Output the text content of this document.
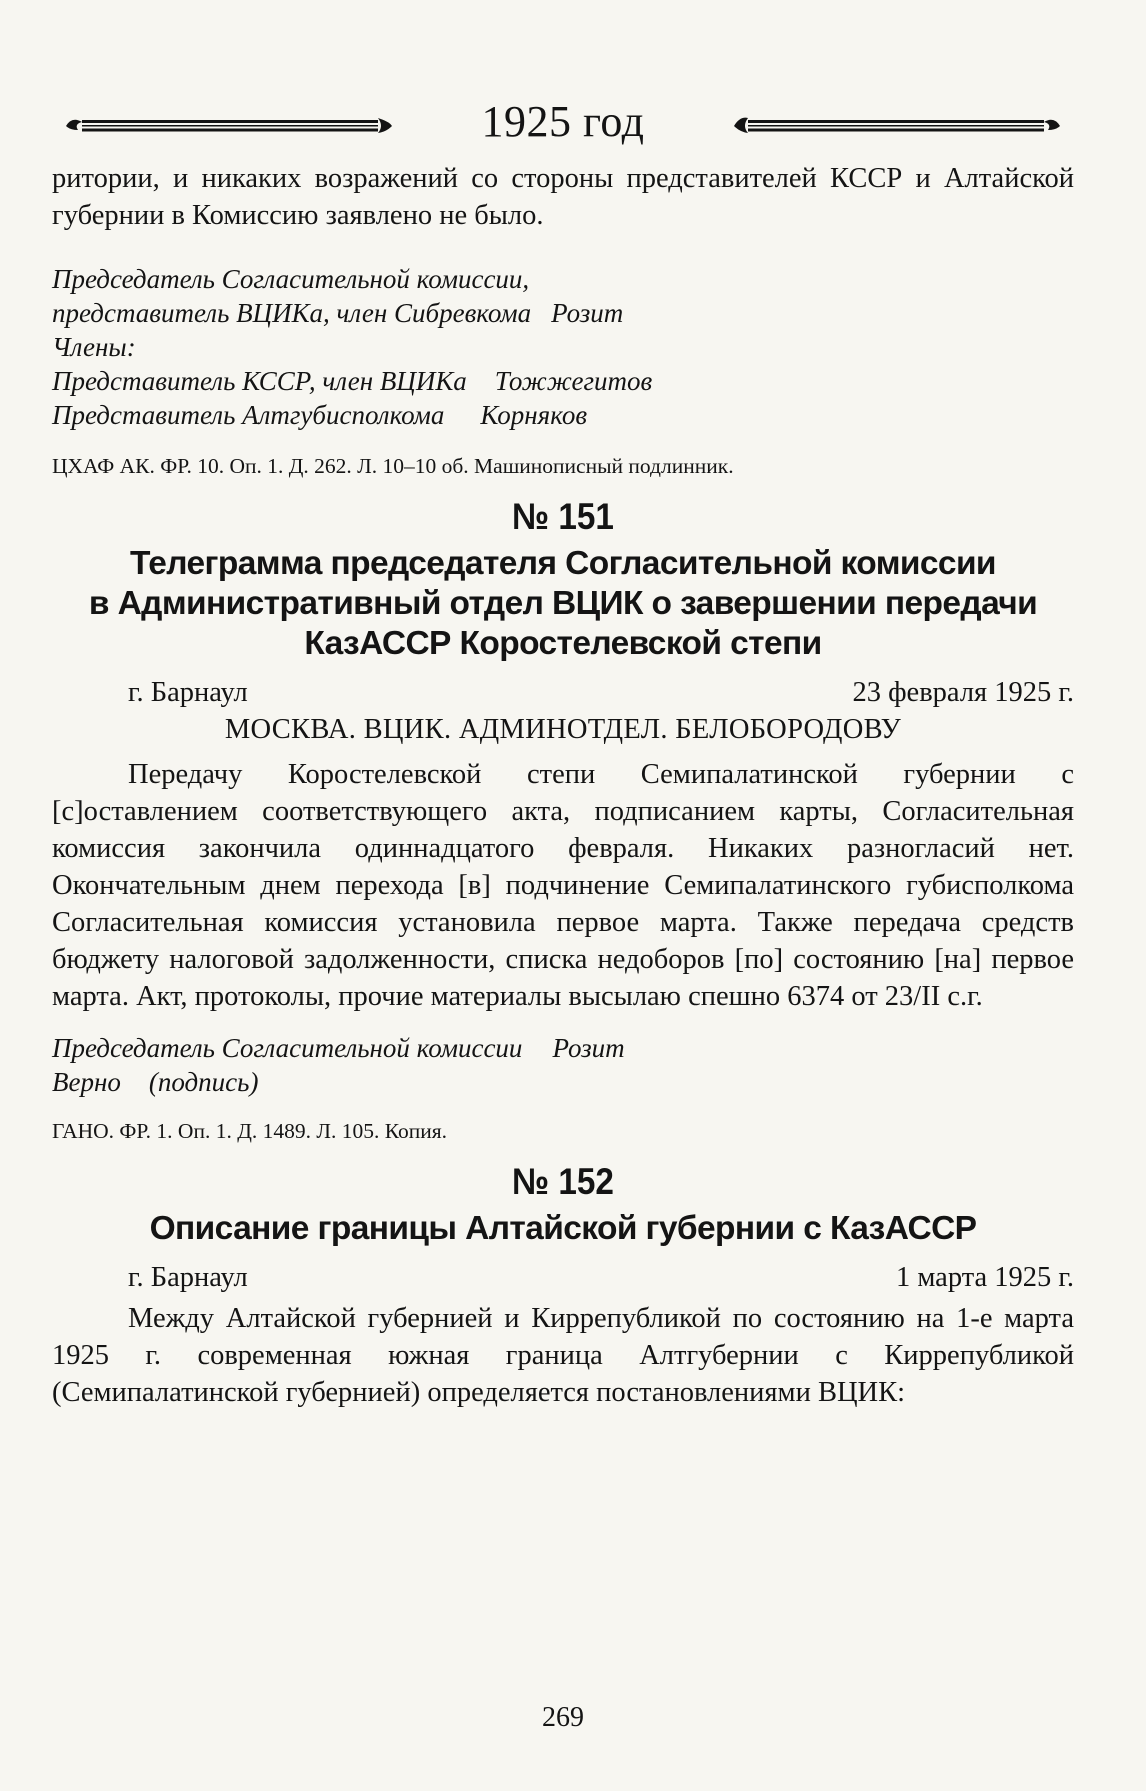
1925 год

ритории, и никаких возражений со стороны представителей КССР и Алтайской губернии в Комиссию заявлено не было.

Председатель Согласительной комиссии,

представитель ВЦИКа, член Сибревкома Розит

Члены:

Представитель КССР, член ВЦИКа Тожжегитов

Представитель Алтгубисполкома Корняков

ЦХАФ АК. ФР. 10. Оп. 1. Д. 262. Л. 10–10 об. Машинописный подлинник.

№ 151

Телеграмма председателя Согласительной комиссии

в Административный отдел ВЦИК о завершении передачи

КазАССР Коростелевской степи

г. Барнаул	23 февраля 1925 г.

МОСКВА. ВЦИК. АДМИНОТДЕЛ. БЕЛОБОРОДОВУ

Передачу Коростелевской степи Семипалатинской губернии с [с]оставлением соответствующего акта, подписанием карты, Согласительная комиссия закончила одиннадцатого февраля. Никаких разногласий нет. Окончательным днем перехода [в] подчинение Семипалатинского губисполкома Согласительная комиссия установила первое марта. Также передача средств бюджету налоговой задолженности, списка недоборов [по] состоянию [на] первое марта. Акт, протоколы, прочие материалы высылаю спешно 6374 от 23/II с.г.

Председатель Согласительной комиссии Розит

Верно (подпись)

ГАНО. ФР. 1. Оп. 1. Д. 1489. Л. 105. Копия.

№ 152

Описание границы Алтайской губернии с КазАССР

г. Барнаул	1 марта 1925 г.

Между Алтайской губернией и Киррепубликой по состоянию на 1-е марта 1925 г. современная южная граница Алтгубернии с Киррепубликой (Семипалатинской губернией) определяется постановлениями ВЦИК:

269
